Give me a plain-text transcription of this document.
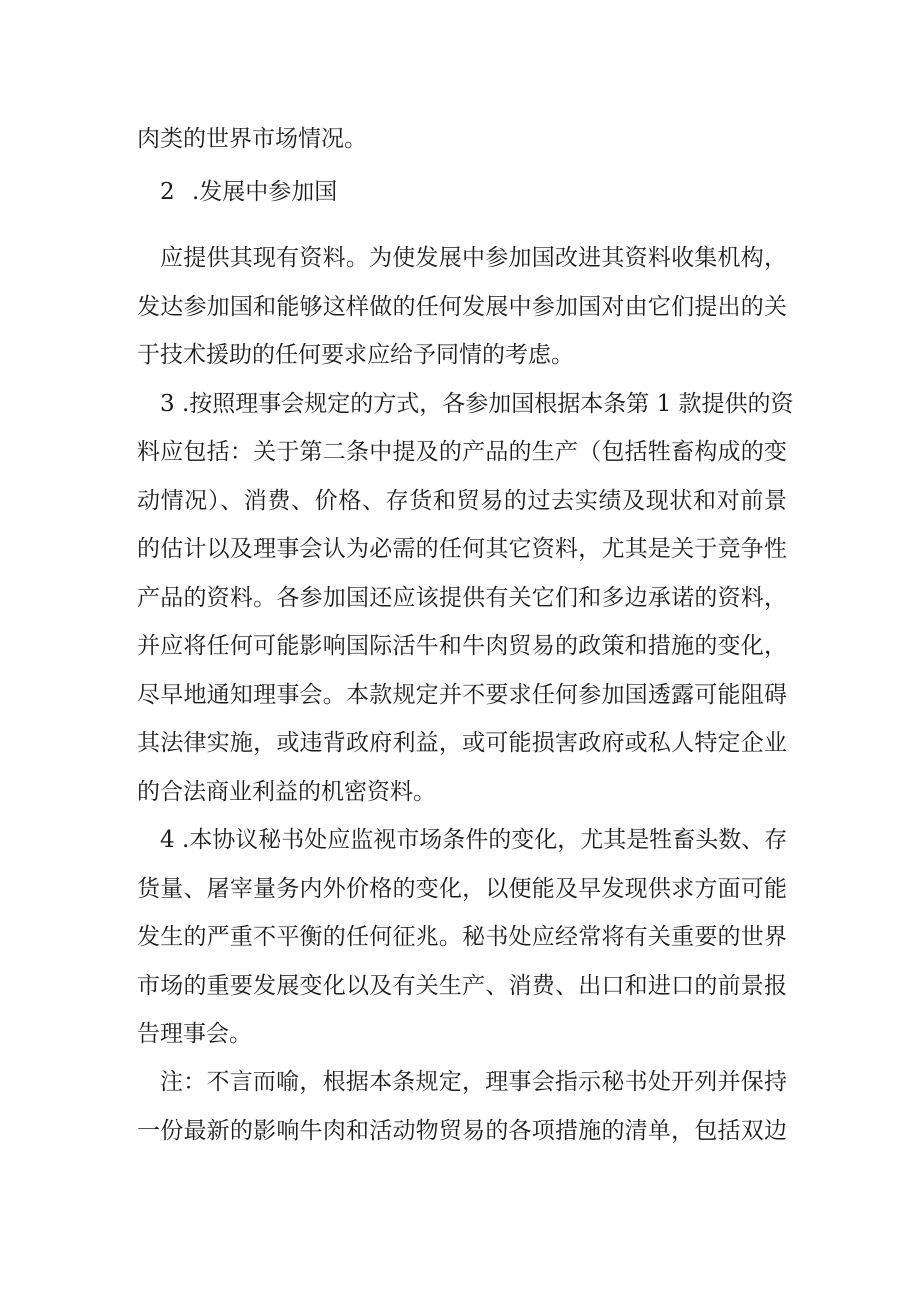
肉类的世界市场情况。
2 .发展中参加国
应提供其现有资料。为使发展中参加国改进其资料收集机构，
发达参加国和能够这样做的任何发展中参加国对由它们提出的关
于技术援助的任何要求应给予同情的考虑。
3 .按照理事会规定的方式，各参加国根据本条第 1 款提供的资
料应包括：关于第二条中提及的产品的生产（包括牲畜构成的变
动情况）、消费、价格、存货和贸易的过去实绩及现状和对前景
的估计以及理事会认为必需的任何其它资料，尤其是关于竞争性
产品的资料。各参加国还应该提供有关它们和多边承诺的资料，
并应将任何可能影响国际活牛和牛肉贸易的政策和措施的变化，
尽早地通知理事会。本款规定并不要求任何参加国透露可能阻碍
其法律实施，或违背政府利益，或可能损害政府或私人特定企业
的合法商业利益的机密资料。
4 .本协议秘书处应监视市场条件的变化，尤其是牲畜头数、存
货量、屠宰量务内外价格的变化，以便能及早发现供求方面可能
发生的严重不平衡的任何征兆。秘书处应经常将有关重要的世界
市场的重要发展变化以及有关生产、消费、出口和进口的前景报
告理事会。
注：不言而喻，根据本条规定，理事会指示秘书处开列并保持
一份最新的影响牛肉和活动物贸易的各项措施的清单，包括双边
